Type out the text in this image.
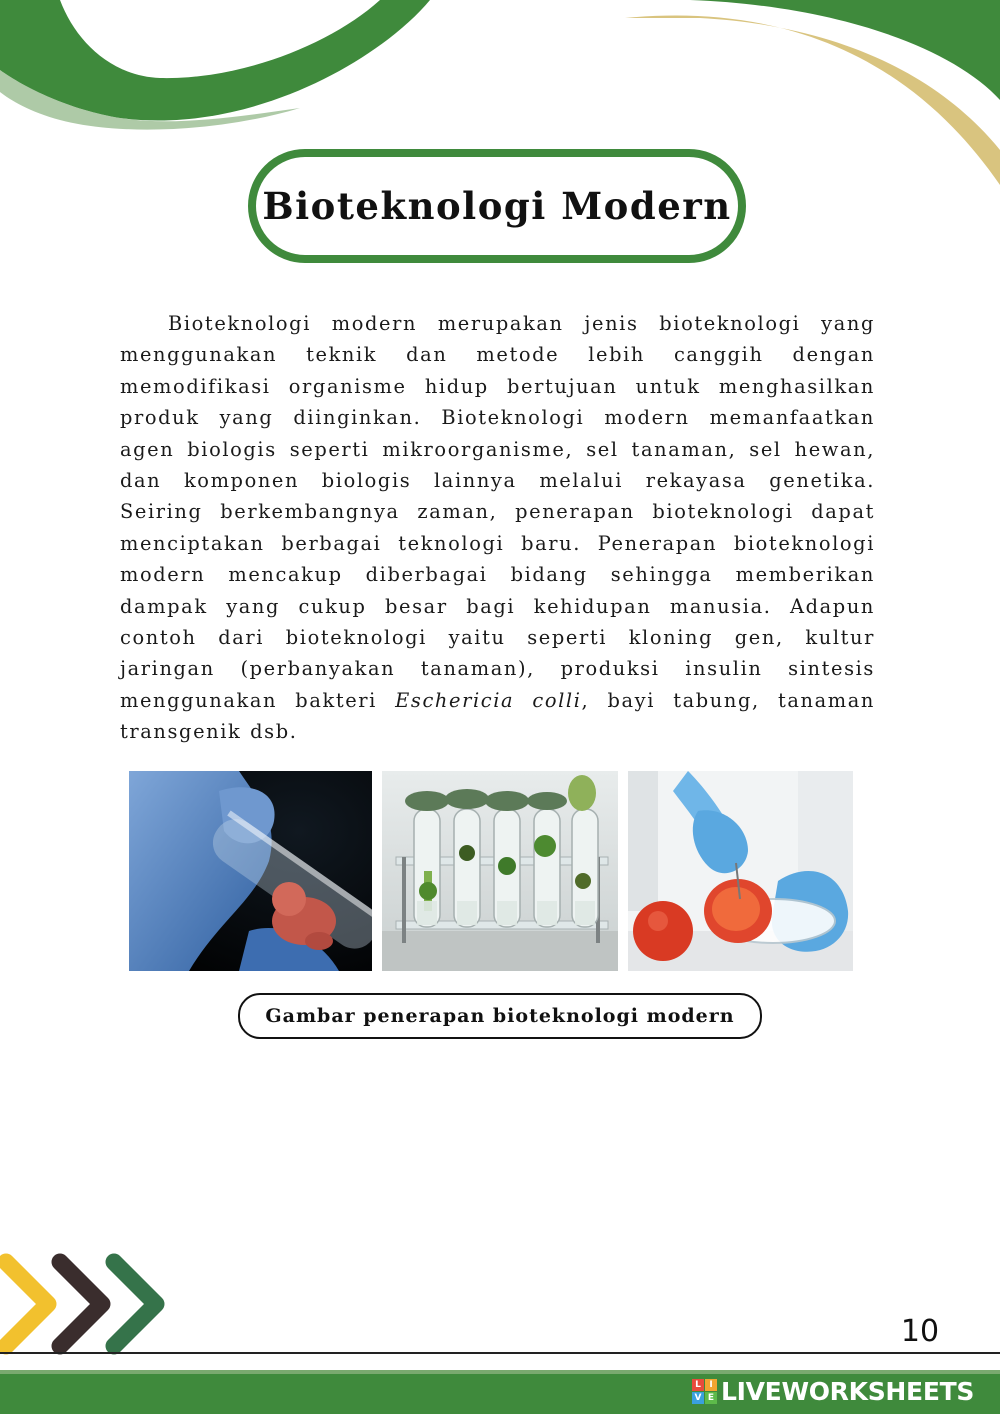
Bioteknologi Modern

Bioteknologi modern merupakan jenis bioteknologi yang menggunakan teknik dan metode lebih canggih dengan memodifikasi organisme hidup bertujuan untuk menghasilkan produk yang diinginkan. Bioteknologi modern memanfaatkan agen biologis seperti mikroorganisme, sel tanaman, sel hewan, dan komponen biologis lainnya melalui rekayasa genetika. Seiring berkembangnya zaman, penerapan bioteknologi dapat menciptakan berbagai teknologi baru. Penerapan bioteknologi modern mencakup diberbagai bidang sehingga memberikan dampak yang cukup besar bagi kehidupan manusia. Adapun contoh dari bioteknologi yaitu seperti kloning gen, kultur jaringan (perbanyakan tanaman), produksi insulin sintesis menggunakan bakteri Eschericia colli, bayi tabung, tanaman transgenik dsb.

Gambar penerapan bioteknologi modern
10
L I
V E LIVEWORKSHEETS
